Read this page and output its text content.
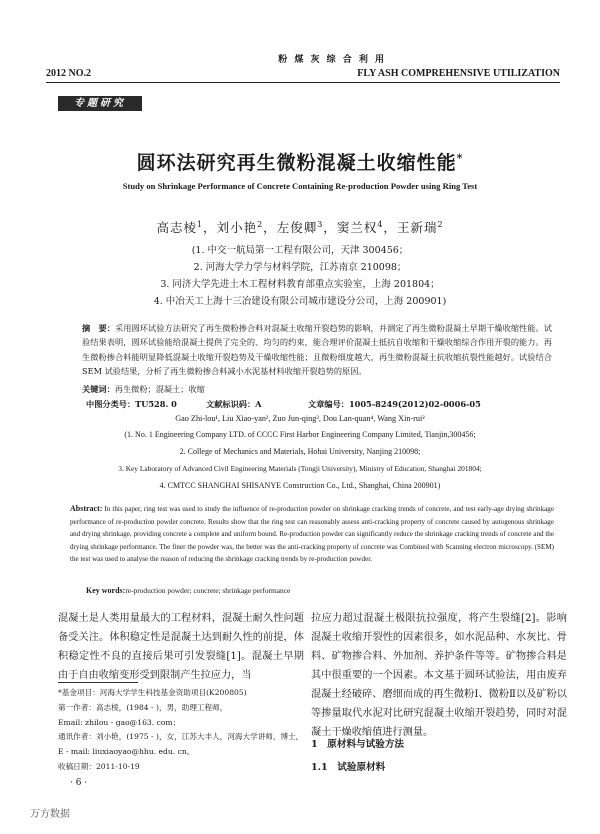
粉 煤 灰 综 合 利 用
2012 NO.2	FLY ASH COMPREHENSIVE UTILIZATION
专题研究
圆环法研究再生微粉混凝土收缩性能*
Study on Shrinkage Performance of Concrete Containing Re-production Powder using Ring Test
高志棱$^1$，刘小艳$^2$，左俊卿$^3$，窦兰权$^4$，王新瑞$^2$
(1. 中交一航局第一工程有限公司，天津 300456；
2. 河海大学力学与材料学院，江苏南京 210098；
3. 同济大学先进土木工程材料教育部重点实验室，上海 201804；
4. 中冶天工上海十三冶建设有限公司城市建设分公司，上海 200901)
摘　要：采用圆环试验方法研究了再生微粉掺合料对混凝土收缩开裂趋势的影响，并测定了再生微粉混凝土早期干燥收缩性能。试验结果表明，圆环试验能给混凝土提供了完全的、均匀的约束，能合理评价混凝土抵抗自收缩和干燥收缩综合作用开裂的能力。再生微粉掺合料能明显降低混凝土收缩开裂趋势及干燥收缩性能；且微粉细度越大，再生微粉混凝土抗收缩抗裂性能越好。试验结合 SEM 试验结果，分析了再生微粉掺合料减小水泥基材料收缩开裂趋势的原因。
关键词：再生微粉；混凝土；收缩
中图分类号：TU528. 0	文献标识码：A	文章编号：1005-8249(2012)02-0006-05
Gao Zhi-lou¹, Liu Xiao-yan², Zuo Jun-qing³, Dou Lan-quan⁴, Wang Xin-rui²
(1. No. 1 Engineering Company LTD. of CCCC First Harbor Engineering Company Limited, Tianjin,300456;
2. College of Mechanics and Materials, Hohai University, Nanjing 210098;
3. Key Laboratory of Advanced Civil Engineering Materials (Tongji University), Ministry of Education, Shanghai 201804;
4. CMTCC SHANGHAI SHISANYE Construction Co., Ltd., Shanghai, China 200901)
Abstract: In this paper, ring test was used to study the influence of re-production powder on shrinkage cracking trends of concrete, and test early-age drying shrinkage performance of re-production powder concrete. Results show that the ring test can reasonably assess anti-cracking property of concrete caused by autogenous shrinkage and drying shrinkage, providing concrete a complete and uniform bound. Re-production powder can significantly reduce the shrinkage cracking trends of concrete and the drying shrinkage performance. The finer the powder was, the better was the anti-cracking property of concrete was Combined with Scanning electron microscopy. (SEM) the test was used to analyse the reason of reducing the shrinkage cracking trends by re-production powder.
Key words:re-production powder; concrete; shrinkage performance
混凝土是人类用量最大的工程材料，混凝土耐久性问题备受关注。体积稳定性是混凝土达到耐久性的前提，体积稳定性不良的直接后果可引发裂缝[1]。混凝土早期由于自由收缩变形受到限制产生拉应力，当
*基金项目：河海大学学生科技基金资助项目(K200805)
第一作者：高志棱，(1984 - )，男，助理工程师，
Email: zhilou - gao@163. com；
通讯作者：刘小艳，(1975 - )，女，江苏大丰人，河海大学讲师，博士，E - mail: liuxiaoyao@hhu. edu. cn。
收稿日期：2011-10-19
· 6 ·
拉应力超过混凝土极限抗拉强度，将产生裂缝[2]。影响混凝土收缩开裂性的因素很多，如水泥品种、水灰比、骨料、矿物掺合料、外加剂、养护条件等等。矿物掺合料是其中很重要的一个因素。本文基于圆环试验法，用由废弃混凝土经破碎、磨细而成的再生微粉Ⅰ、微粉Ⅱ以及矿粉以等掺量取代水泥对比研究混凝土收缩开裂趋势，同时对混凝土干燥收缩值进行测量。
1　原材料与试验方法
1.1　试验原材料
万方数据
